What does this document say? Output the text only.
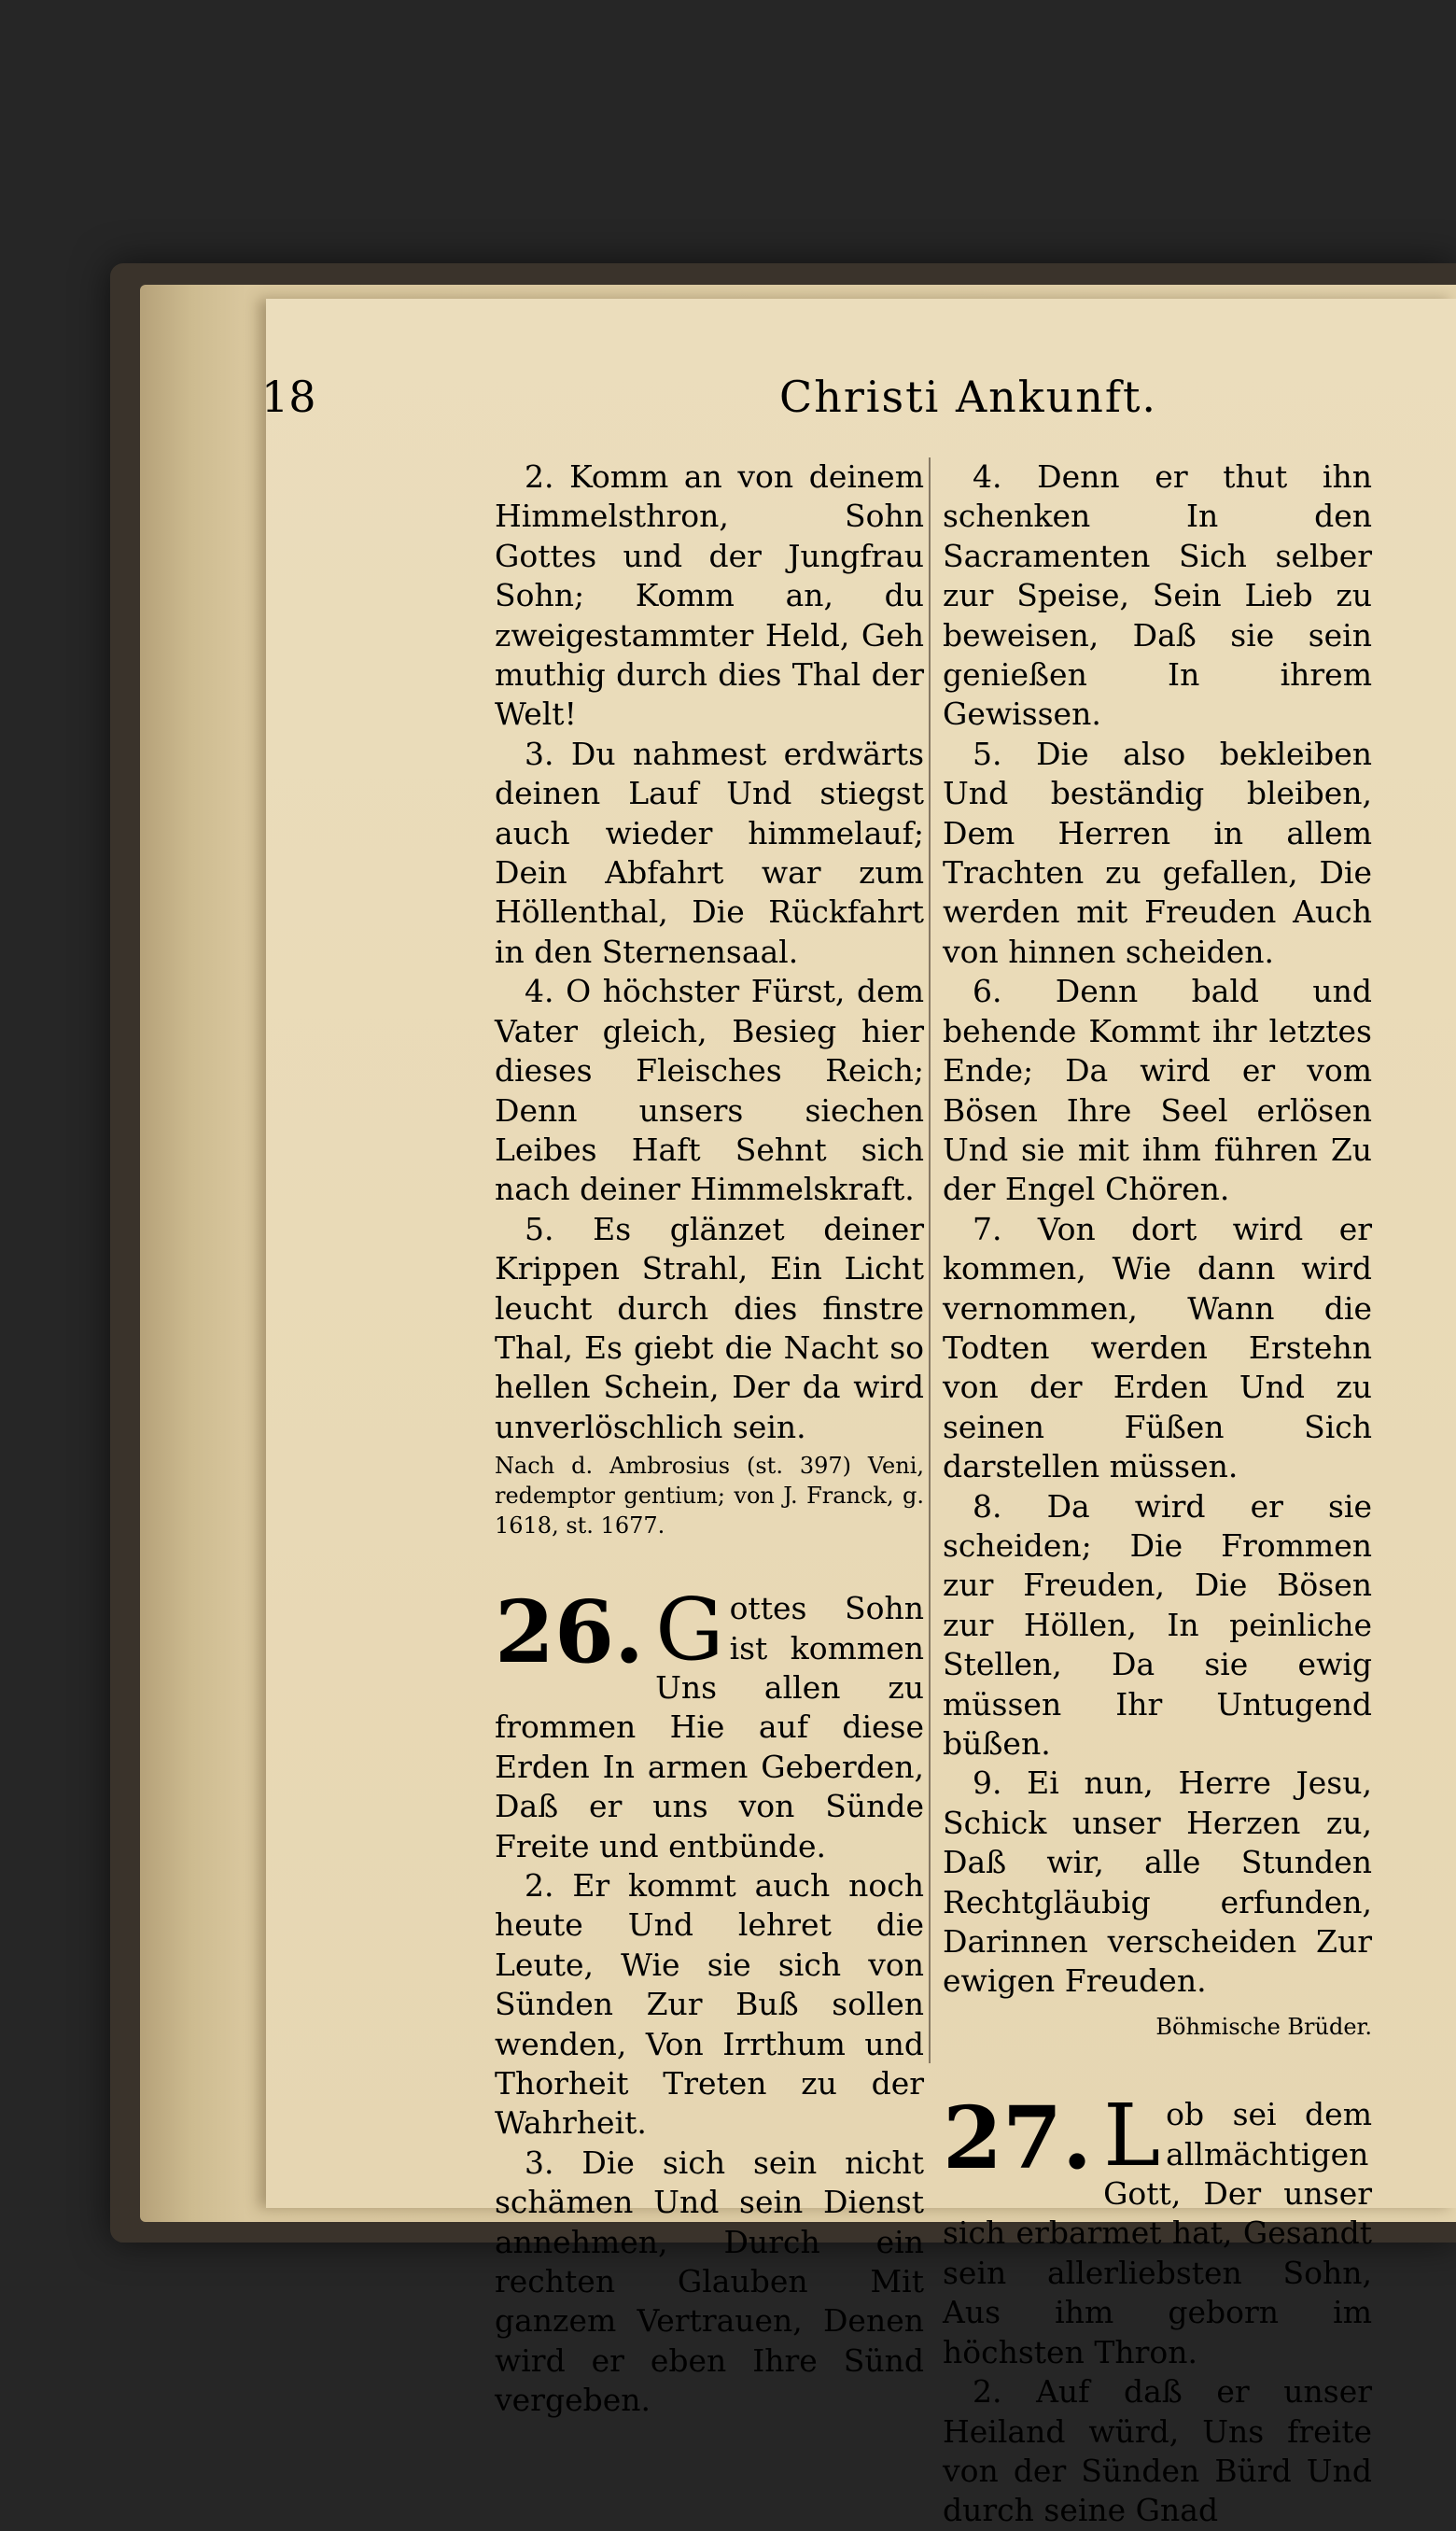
18	Christi Ankunft.

2. Komm an von deinem Himmelsthron, Sohn Gottes und der Jungfrau Sohn; Komm an, du zweigestammter Held, Geh muthig durch dies Thal der Welt!

3. Du nahmest erdwärts deinen Lauf Und stiegst auch wieder himmelauf; Dein Abfahrt war zum Höllenthal, Die Rückfahrt in den Sternensaal.

4. O höchster Fürst, dem Vater gleich, Besieg hier dieses Fleisches Reich; Denn unsers siechen Leibes Haft Sehnt sich nach deiner Himmelskraft.

5. Es glänzet deiner Krippen Strahl, Ein Licht leucht durch dies finstre Thal, Es giebt die Nacht so hellen Schein, Der da wird unverlöschlich sein.

Nach d. Ambrosius (st. 397) Veni, redemptor gentium; von J. Franck, g. 1618, st. 1677.

26. G ottes Sohn ist kommen Uns allen zu frommen Hie auf diese Erden In armen Geberden, Daß er uns von Sünde Freite und entbünde.

2. Er kommt auch noch heute Und lehret die Leute, Wie sie sich von Sünden Zur Buß sollen wenden, Von Irrthum und Thorheit Treten zu der Wahrheit.

3. Die sich sein nicht schämen Und sein Dienst annehmen, Durch ein rechten Glauben Mit ganzem Vertrauen, Denen wird er eben Ihre Sünd vergeben.

4. Denn er thut ihn schenken In den Sacramenten Sich selber zur Speise, Sein Lieb zu beweisen, Daß sie sein genießen In ihrem Gewissen.

5. Die also bekleiben Und beständig bleiben, Dem Herren in allem Trachten zu gefallen, Die werden mit Freuden Auch von hinnen scheiden.

6. Denn bald und behende Kommt ihr letztes Ende; Da wird er vom Bösen Ihre Seel erlösen Und sie mit ihm führen Zu der Engel Chören.

7. Von dort wird er kommen, Wie dann wird vernommen, Wann die Todten werden Erstehn von der Erden Und zu seinen Füßen Sich darstellen müssen.

8. Da wird er sie scheiden; Die Frommen zur Freuden, Die Bösen zur Höllen, In peinliche Stellen, Da sie ewig müssen Ihr Untugend büßen.

9. Ei nun, Herre Jesu, Schick unser Herzen zu, Daß wir, alle Stunden Rechtgläubig erfunden, Darinnen verscheiden Zur ewigen Freuden.

Böhmische Brüder.

27. L ob sei dem allmächtigen Gott, Der unser sich erbarmet hat, Gesandt sein allerliebsten Sohn, Aus ihm geborn im höchsten Thron.

2. Auf daß er unser Heiland würd, Uns freite von der Sünden Bürd Und durch seine Gnad
